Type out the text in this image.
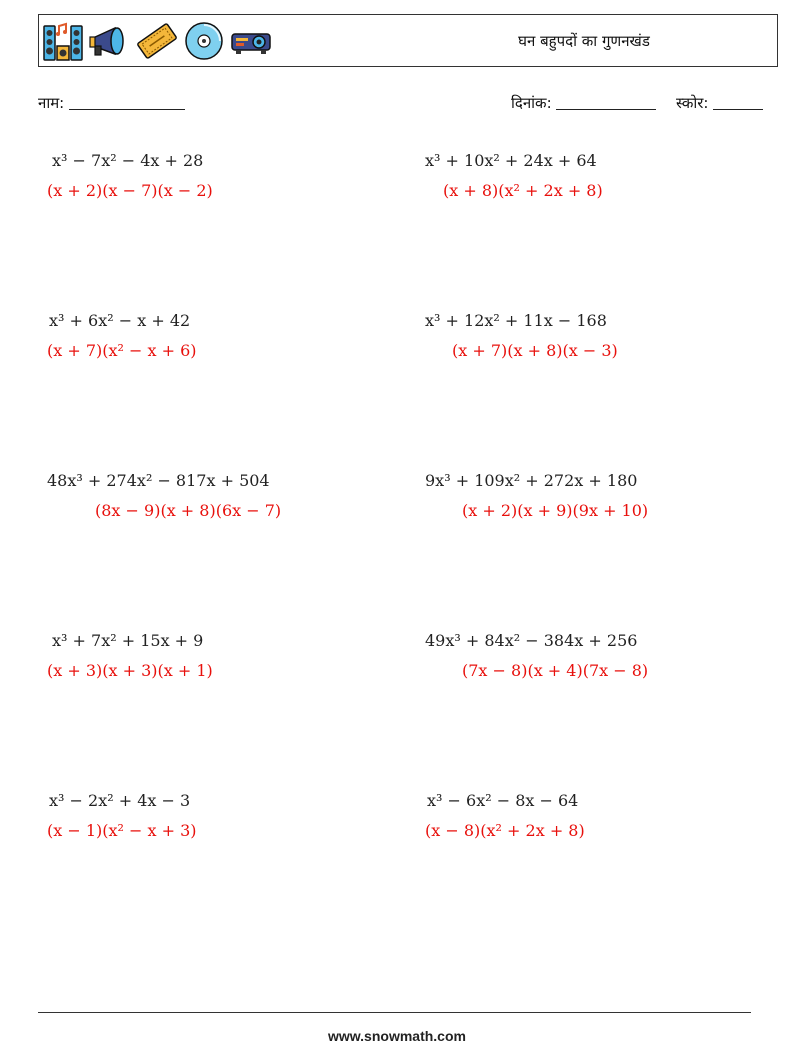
घन बहुपदों का गुणनखंड
नाम:	दिनांक:	स्कोर:
x³ − 7x² − 4x + 28
(x + 2)(x − 7)(x − 2)
x³ + 10x² + 24x + 64
(x + 8)(x² + 2x + 8)
x³ + 6x² − x + 42
(x + 7)(x² − x + 6)
x³ + 12x² + 11x − 168
(x + 7)(x + 8)(x − 3)
48x³ + 274x² − 817x + 504
(8x − 9)(x + 8)(6x − 7)
9x³ + 109x² + 272x + 180
(x + 2)(x + 9)(9x + 10)
x³ + 7x² + 15x + 9
(x + 3)(x + 3)(x + 1)
49x³ + 84x² − 384x + 256
(7x − 8)(x + 4)(7x − 8)
x³ − 2x² + 4x − 3
(x − 1)(x² − x + 3)
x³ − 6x² − 8x − 64
(x − 8)(x² + 2x + 8)
www.snowmath.com
